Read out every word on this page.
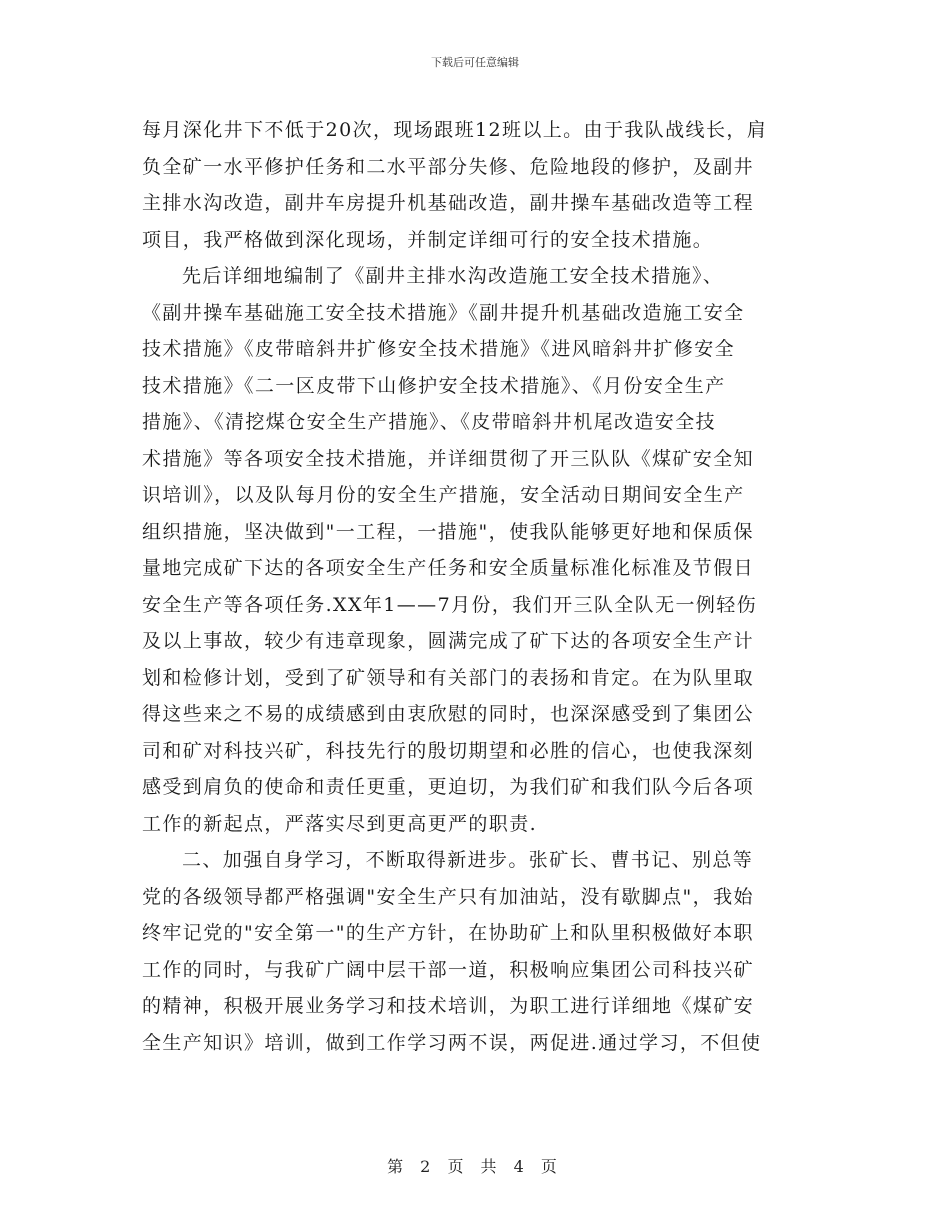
下载后可任意编辑
每月深化井下不低于20次，现场跟班12班以上。由于我队战线长，肩
负全矿一水平修护任务和二水平部分失修、危险地段的修护，及副井
主排水沟改造，副井车房提升机基础改造，副井操车基础改造等工程
项目，我严格做到深化现场，并制定详细可行的安全技术措施。
先后详细地编制了《副井主排水沟改造施工安全技术措施》、
《副井操车基础施工安全技术措施》《副井提升机基础改造施工安全
技术措施》《皮带暗斜井扩修安全技术措施》《进风暗斜井扩修安全
技术措施》《二一区皮带下山修护安全技术措施》、《月份安全生产
措施》、《清挖煤仓安全生产措施》、《皮带暗斜井机尾改造安全技
术措施》等各项安全技术措施，并详细贯彻了开三队队《煤矿安全知
识培训》，以及队每月份的安全生产措施，安全活动日期间安全生产
组织措施，坚决做到"一工程，一措施"，使我队能够更好地和保质保
量地完成矿下达的各项安全生产任务和安全质量标准化标准及节假日
安全生产等各项任务.XX年1——7月份，我们开三队全队无一例轻伤
及以上事故，较少有违章现象，圆满完成了矿下达的各项安全生产计
划和检修计划，受到了矿领导和有关部门的表扬和肯定。在为队里取
得这些来之不易的成绩感到由衷欣慰的同时，也深深感受到了集团公
司和矿对科技兴矿，科技先行的殷切期望和必胜的信心，也使我深刻
感受到肩负的使命和责任更重，更迫切，为我们矿和我们队今后各项
工作的新起点，严落实尽到更高更严的职责.
二、加强自身学习，不断取得新进步。张矿长、曹书记、别总等
党的各级领导都严格强调"安全生产只有加油站，没有歇脚点"，我始
终牢记党的"安全第一"的生产方针，在协助矿上和队里积极做好本职
工作的同时，与我矿广阔中层干部一道，积极响应集团公司科技兴矿
的精神，积极开展业务学习和技术培训，为职工进行详细地《煤矿安
全生产知识》培训，做到工作学习两不误，两促进.通过学习，不但使
第 2 页 共 4 页
